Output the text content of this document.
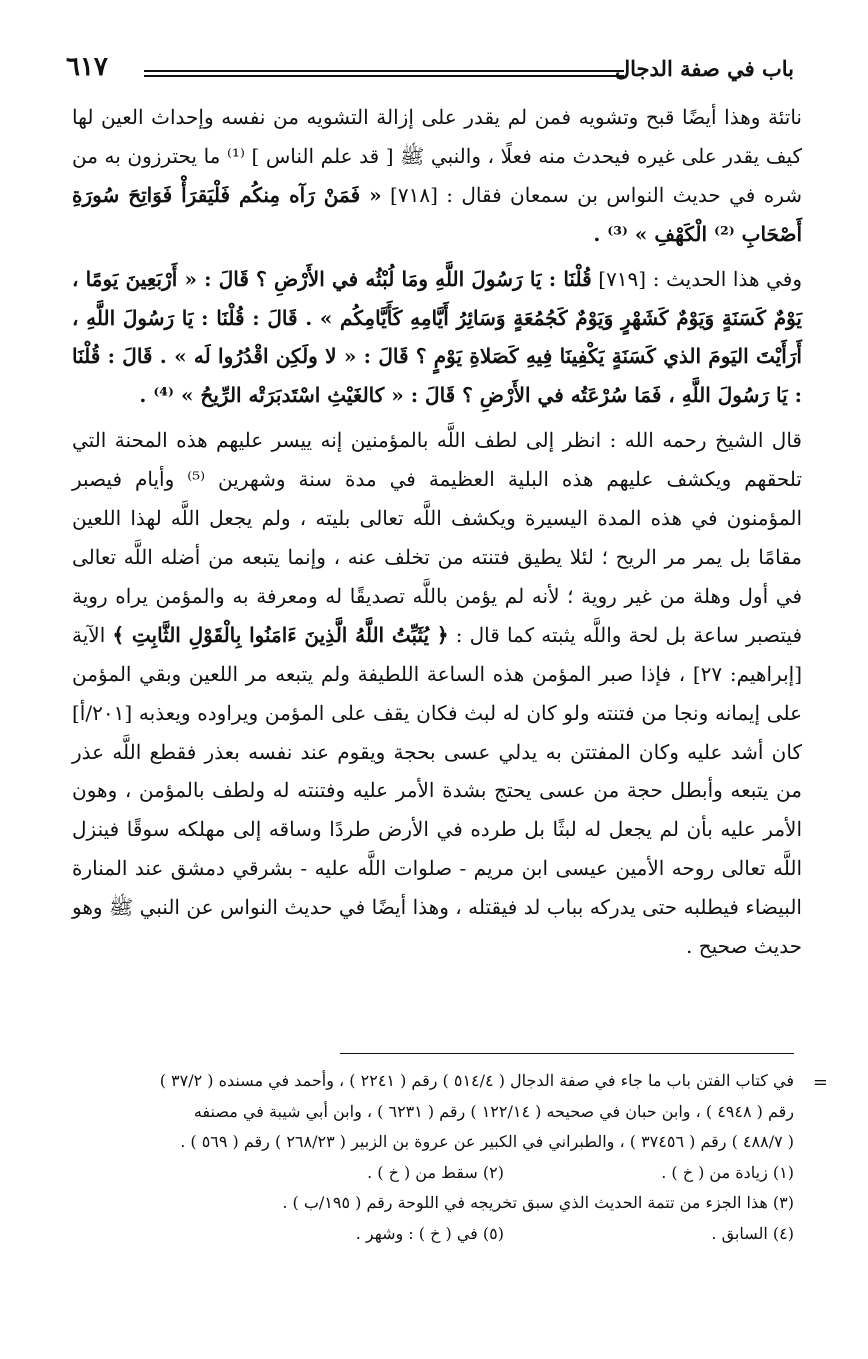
باب في صفة الدجال
٦١٧

ناتئة وهذا أيضًا قبح وتشويه فمن لم يقدر على إزالة التشويه من نفسه وإحداث العين لها كيف يقدر على غيره فيحدث منه فعلًا ، والنبي ﷺ [ قد علم الناس ] ⁽¹⁾ ما يحترزون به من شره في حديث النواس بن سمعان فقال : [٧١٨] « فَمَنْ رَآه مِنكُم فَلْيَقرَأْ فَوَاتِحَ سُورَةِ أَصْحَابِ ⁽²⁾ الْكَهْفِ » ⁽³⁾ .

وفي هذا الحديث : [٧١٩] قُلْنَا : يَا رَسُولَ اللَّهِ ومَا لُبْثُه في الأَرْضِ ؟ قَالَ : « أَرْبَعِينَ يَومًا ، يَوْمٌ كَسَنَةٍ وَيَوْمٌ كَشَهْرٍ وَيَوْمٌ كَجُمُعَةٍ وَسَائِرُ أَيَّامِهِ كَأَيَّامِكُم » . قَالَ : قُلْنَا : يَا رَسُولَ اللَّهِ ، أَرَأَيْتَ اليَومَ الذي كَسَنَةٍ يَكْفِينَا فِيهِ كَصَلاةِ يَوْمٍ ؟ قَالَ : « لا ولَكِن اقْدُرُوا لَه » . قَالَ : قُلْنَا : يَا رَسُولَ اللَّهِ ، فَمَا سُرْعَتُه في الأَرْضِ ؟ قَالَ : « كالغَيْثِ اسْتَدبَرَتْه الرِّيحُ » ⁽⁴⁾ .

قال الشيخ رحمه الله : انظر إلى لطف اللَّه بالمؤمنين إنه ييسر عليهم هذه المحنة التي تلحقهم ويكشف عليهم هذه البلية العظيمة في مدة سنة وشهرين ⁽⁵⁾ وأيام فيصبر المؤمنون في هذه المدة اليسيرة ويكشف اللَّه تعالى بليته ، ولم يجعل اللَّه لهذا اللعين مقامًا بل يمر مر الريح ؛ لئلا يطيق فتنته من تخلف عنه ، وإنما يتبعه من أضله اللَّه تعالى في أول وهلة من غير روية ؛ لأنه لم يؤمن باللَّه تصديقًا له ومعرفة به والمؤمن يراه روية فيتصبر ساعة بل لحة واللَّه يثبته كما قال : ﴿ يُثَبِّتُ اللَّهُ الَّذِينَ ءَامَنُوا بِالْقَوْلِ الثَّابِتِ ﴾ الآية [إبراهيم: ٢٧] ، فإذا صبر المؤمن هذه الساعة اللطيفة ولم يتبعه مر اللعين وبقي المؤمن على إيمانه ونجا من فتنته ولو كان له لبث فكان يقف على المؤمن ويراوده ويعذبه [٢٠١/أ] كان أشد عليه وكان المفتتن به يدلي عسى بحجة ويقوم عند نفسه بعذر فقطع اللَّه عذر من يتبعه وأبطل حجة من عسى يحتج بشدة الأمر عليه وفتنته له ولطف بالمؤمن ، وهون الأمر عليه بأن لم يجعل له لبثًا بل طرده في الأرض طردًا وساقه إلى مهلكه سوقًا فينزل اللَّه تعالى روحه الأمين عيسى ابن مريم - صلوات اللَّه عليه - بشرقي دمشق عند المنارة البيضاء فيطلبه حتى يدركه بباب لد فيقتله ، وهذا أيضًا في حديث النواس عن النبي ﷺ وهو حديث صحيح .

=

في كتاب الفتن باب ما جاء في صفة الدجال ( ٥١٤/٤ ) رقم ( ٢٢٤١ ) ، وأحمد في مسنده ( ٣٧/٢ )

رقم ( ٤٩٤٨ ) ، وابن حبان في صحيحه ( ١٢٢/١٤ ) رقم ( ٦٢٣١ ) ، وابن أبي شيبة في مصنفه

( ٤٨٨/٧ ) رقم ( ٣٧٤٥٦ ) ، والطبراني في الكبير عن عروة بن الزبير ( ٢٦٨/٢٣ ) رقم ( ٥٦٩ ) .

(١) زيادة من ( خ ) .
(٢) سقط من ( خ ) .

(٣) هذا الجزء من تتمة الحديث الذي سبق تخريجه في اللوحة رقم ( ١٩٥/ب ) .

(٤) السابق .
(٥) في ( خ ) : وشهر .
